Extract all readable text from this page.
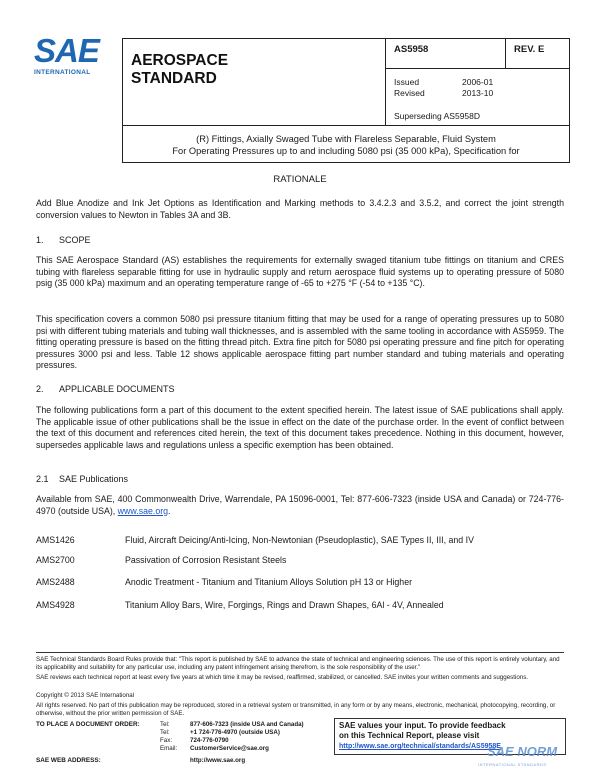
SAE
INTERNATIONAL
AEROSPACE
STANDARD
AS5958	REV. E
Issued	2006-01
Revised	2013-10
Superseding AS5958D
(R) Fittings, Axially Swaged Tube with Flareless Separable, Fluid System
For Operating Pressures up to and including 5080 psi (35 000 kPa), Specification for
RATIONALE
Add Blue Anodize and Ink Jet Options as Identification and Marking methods to 3.4.2.3 and 3.5.2, and correct the joint strength conversion values to Newton in Tables 3A and 3B.
1. SCOPE
This SAE Aerospace Standard (AS) establishes the requirements for externally swaged titanium tube fittings on titanium and CRES tubing with flareless separable fitting for use in hydraulic supply and return aerospace fluid systems up to operating pressure of 5080 psig (35 000 kPa) maximum and an operating temperature range of -65 to +275 °F (-54 to +135 °C).
This specification covers a common 5080 psi pressure titanium fitting that may be used for a range of operating pressures up to 5080 psi with different tubing materials and tubing wall thicknesses, and is assembled with the same tooling in accordance with AS5959. The fitting operating pressure is based on the fitting thread pitch. Extra fine pitch for 5080 psi operating pressure and fine pitch for operating pressures 3000 psi and less. Table 12 shows applicable aerospace fitting part number standard and tubing materials and operating pressures.
2. APPLICABLE DOCUMENTS
The following publications form a part of this document to the extent specified herein. The latest issue of SAE publications shall apply. The applicable issue of other publications shall be the issue in effect on the date of the purchase order. In the event of conflict between the text of this document and references cited herein, the text of this document takes precedence. Nothing in this document, however, supersedes applicable laws and regulations unless a specific exemption has been obtained.
2.1 SAE Publications
Available from SAE, 400 Commonwealth Drive, Warrendale, PA 15096-0001, Tel: 877-606-7323 (inside USA and Canada) or 724-776-4970 (outside USA), www.sae.org.
AMS1426	Fluid, Aircraft Deicing/Anti-Icing, Non-Newtonian (Pseudoplastic), SAE Types II, III, and IV
AMS2700	Passivation of Corrosion Resistant Steels
AMS2488	Anodic Treatment - Titanium and Titanium Alloys Solution pH 13 or Higher
AMS4928	Titanium Alloy Bars, Wire, Forgings, Rings and Drawn Shapes, 6Al - 4V, Annealed
SAE Technical Standards Board Rules provide that: "This report is published by SAE to advance the state of technical and engineering sciences. The use of this report is entirely voluntary, and its applicability and suitability for any particular use, including any patent infringement arising therefrom, is the sole responsibility of the user."
SAE reviews each technical report at least every five years at which time it may be revised, reaffirmed, stabilized, or cancelled. SAE invites your written comments and suggestions.
Copyright © 2013 SAE International
All rights reserved. No part of this publication may be reproduced, stored in a retrieval system or transmitted, in any form or by any means, electronic, mechanical, photocopying, recording, or otherwise, without the prior written permission of SAE.
TO PLACE A DOCUMENT ORDER:	Tel:	877-606-7323 (inside USA and Canada)
Tel:	+1 724-776-4970 (outside USA)
Fax:	724-776-0790
Email: CustomerService@sae.org
SAE WEB ADDRESS:	http://www.sae.org
SAE values your input. To provide feedback
on this Technical Report, please visit
http://www.sae.org/technical/standards/AS5958E
SAE NORM
INTERNATIONAL STANDARDS
